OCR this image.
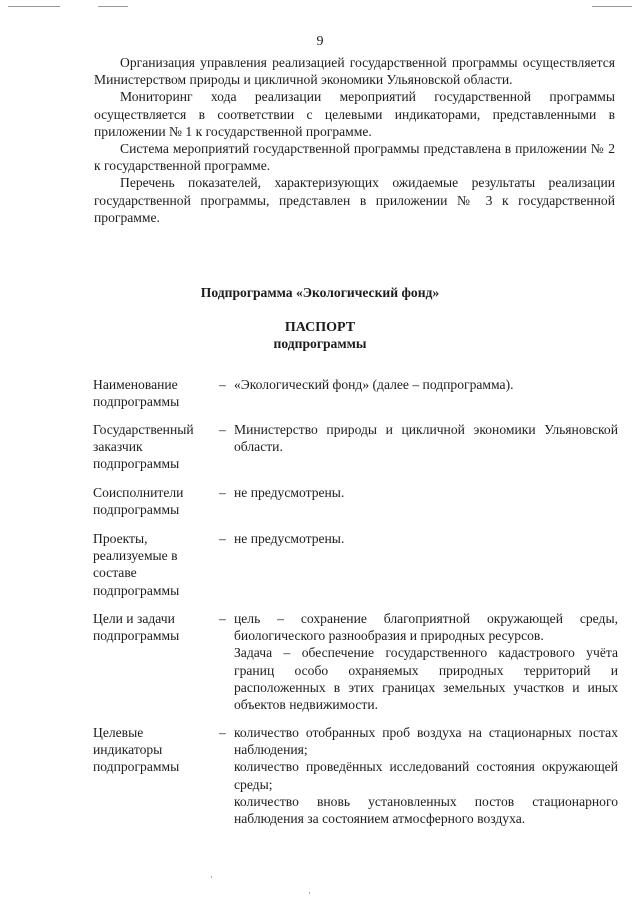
9

Организация управления реализацией государственной программы осуществляется Министерством природы и цикличной экономики Ульяновской области.

Мониторинг хода реализации мероприятий государственной программы осуществляется в соответствии с целевыми индикаторами, представленными в приложении № 1 к государственной программе.

Система мероприятий государственной программы представлена в приложении № 2 к государственной программе.

Перечень показателей, характеризующих ожидаемые результаты реализации государственной программы, представлен в приложении № 3 к государственной программе.

Подпрограмма «Экологический фонд»
ПАСПОРТ
подпрограммы
Наименование подпрограммы
– «Экологический фонд» (далее – подпрограмма).

Государственный заказчик подпрограммы
– Министерство природы и цикличной экономики Ульяновской области.

Соисполнители подпрограммы
– не предусмотрены.

Проекты, реализуемые в составе подпрограммы
– не предусмотрены.

Цели и задачи подпрограммы
– цель – сохранение благоприятной окружающей среды, биологического разнообразия и природных ресурсов.

Задача – обеспечение государственного кадастрового учёта границ особо охраняемых природных территорий и расположенных в этих границах земельных участков и иных объектов недвижимости.

Целевые индикаторы подпрограммы
– количество отобранных проб воздуха на стационарных постах наблюдения;

количество проведённых исследований состояния окружающей среды;

количество вновь установленных постов стационарного наблюдения за состоянием атмосферного воздуха.

·
·
